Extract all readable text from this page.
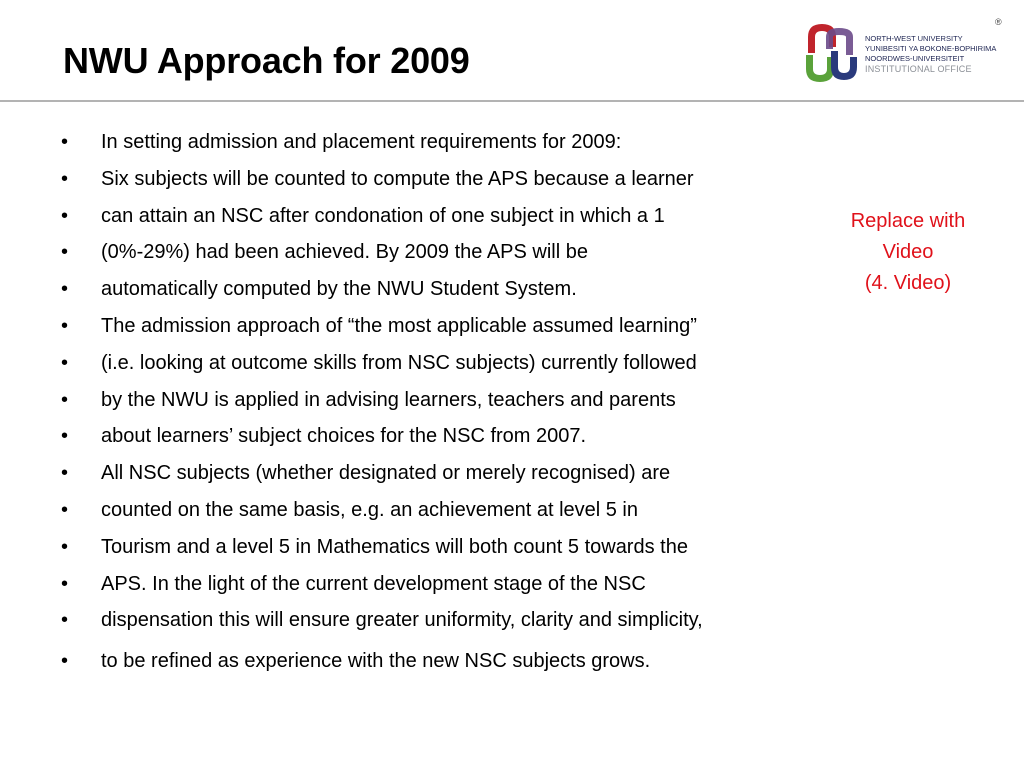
NWU Approach for 2009
NORTH-WEST UNIVERSITY
YUNIBESITI YA BOKONE-BOPHIRIMA
NOORDWES-UNIVERSITEIT
INSTITUTIONAL OFFICE
®
• In setting admission and placement requirements for 2009:
• Six subjects will be counted to compute the APS because a learner
• can attain an NSC after condonation of one subject in which a 1
• (0%-29%) had been achieved. By 2009 the APS will be
• automatically computed by the NWU Student System.
• The admission approach of “the most applicable assumed learning”
• (i.e. looking at outcome skills from NSC subjects) currently followed
• by the NWU is applied in advising learners, teachers and parents
• about learners’ subject choices for the NSC from 2007.
• All NSC subjects (whether designated or merely recognised) are
• counted on the same basis, e.g. an achievement at level 5 in
• Tourism and a level 5 in Mathematics will both count 5 towards the
• APS. In the light of the current development stage of the NSC
• dispensation this will ensure greater uniformity, clarity and simplicity,
• to be refined as experience with the new NSC subjects grows.
Replace with
Video
(4. Video)
